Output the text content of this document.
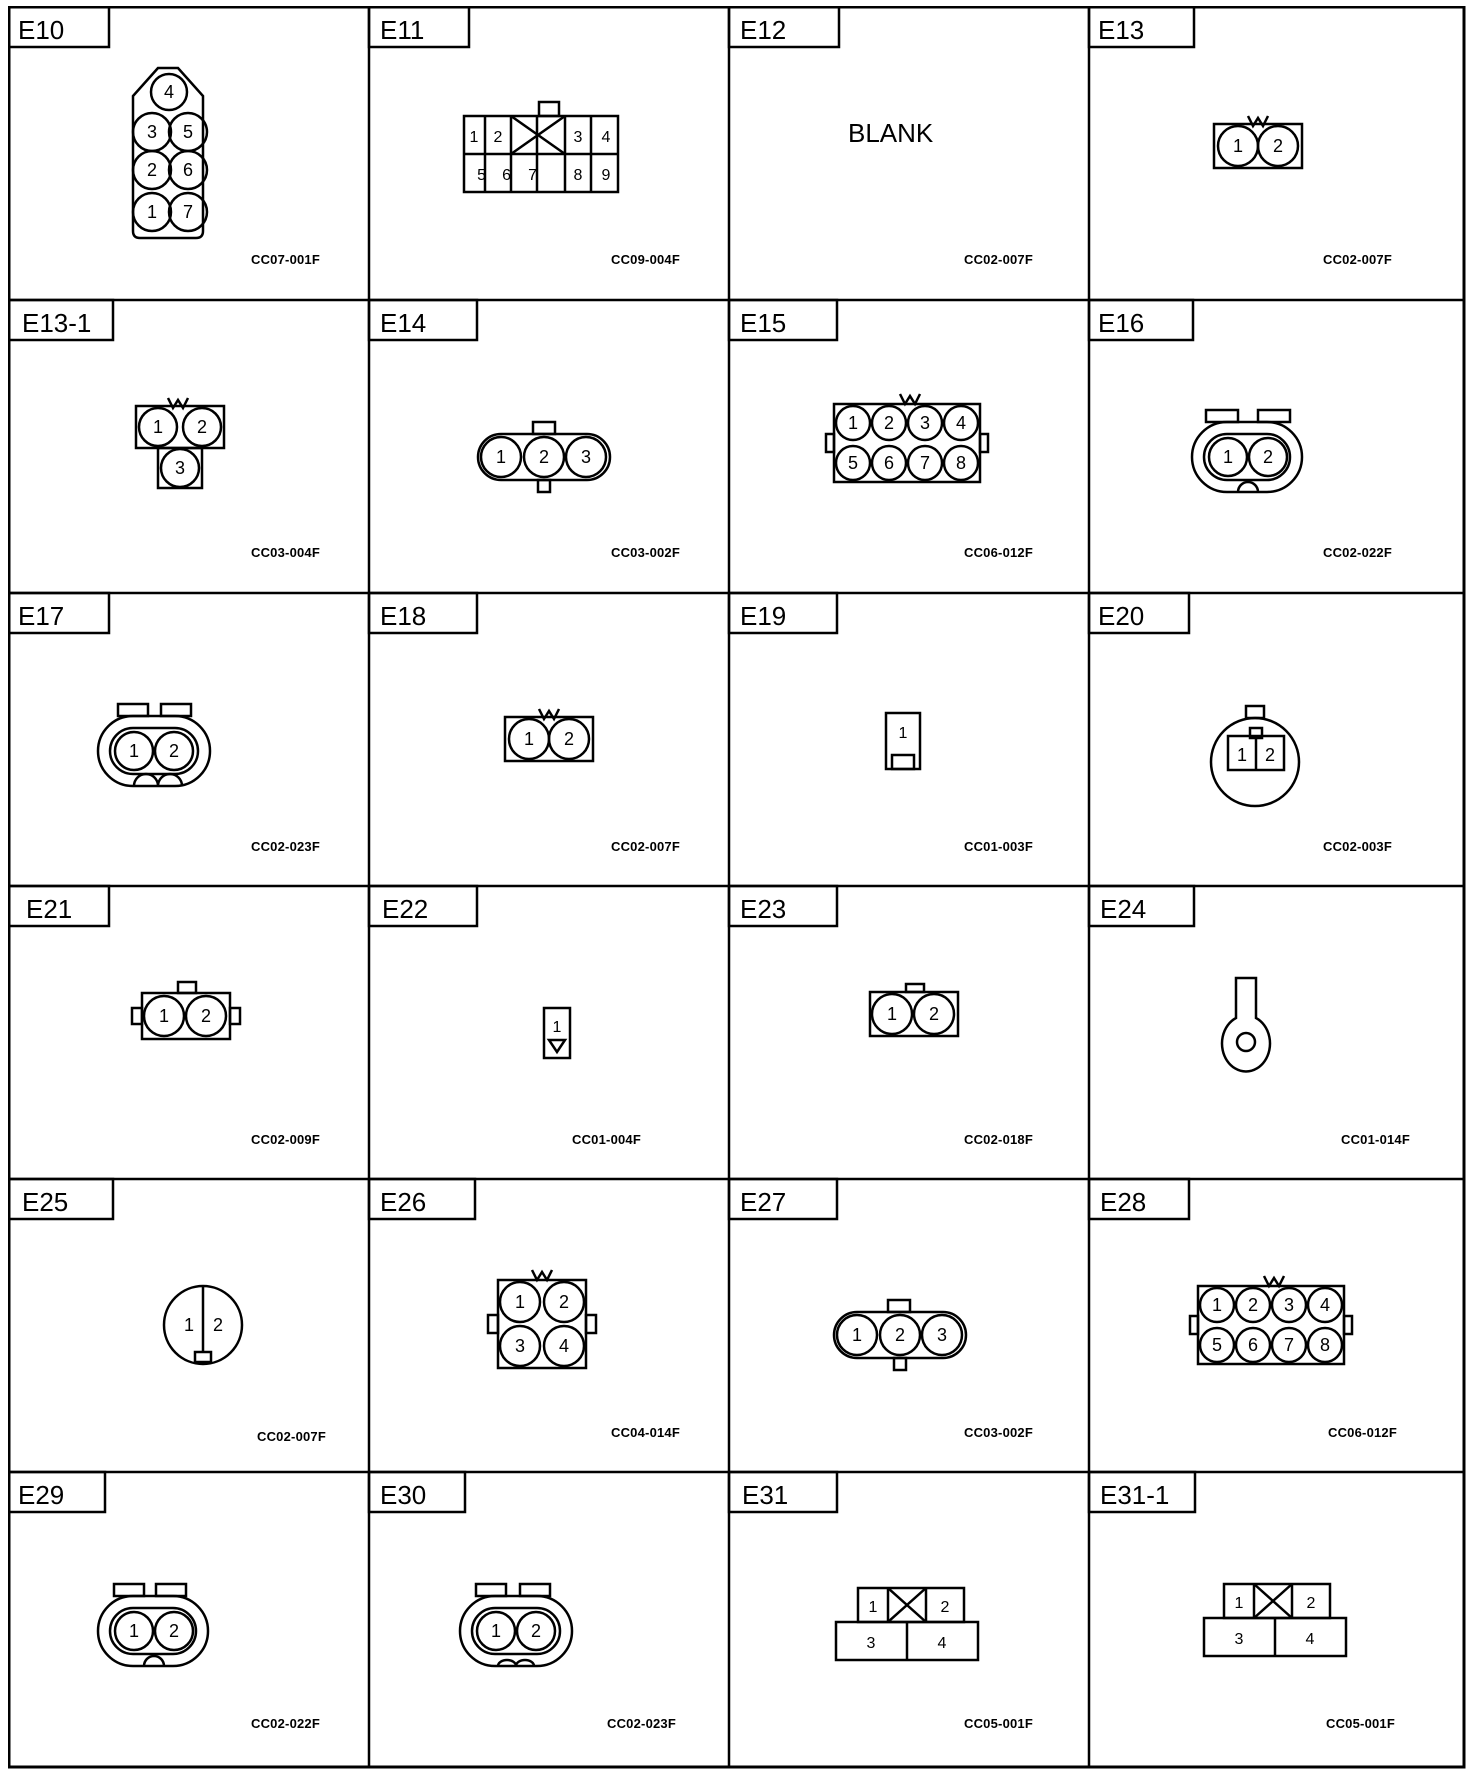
E10
4
3 5
2 6
1 7
CC07-001F
E11
1 2	3 4
5 6 7 8 9
CC09-004F
E12
BLANK
CC02-007F
E13
1 2
CC02-007F
E13-1
1 2
3
CC03-004F
E14
1 2 3
CC03-002F
E15
1 2 3 4
5 6 7 8
CC06-012F
E16
1 2
CC02-022F
E17
1 2
CC02-023F
E18
1 2
CC02-007F
E19
1
CC01-003F
E20
1 2
CC02-003F
E21
1 2
CC02-009F
E22
1
CC01-004F
E23
1 2
CC02-018F
E24
CC01-014F
E25
1 2
CC02-007F
E26
1 2
3 4
CC04-014F
E27
1 2 3
CC03-002F
E28
1 2 3 4
5 6 7 8
CC06-012F
E29
1 2
CC02-022F
E30
1 2
CC02-023F
E31
1	2
3	4
CC05-001F
E31-1
1	2
3	4
CC05-001F
